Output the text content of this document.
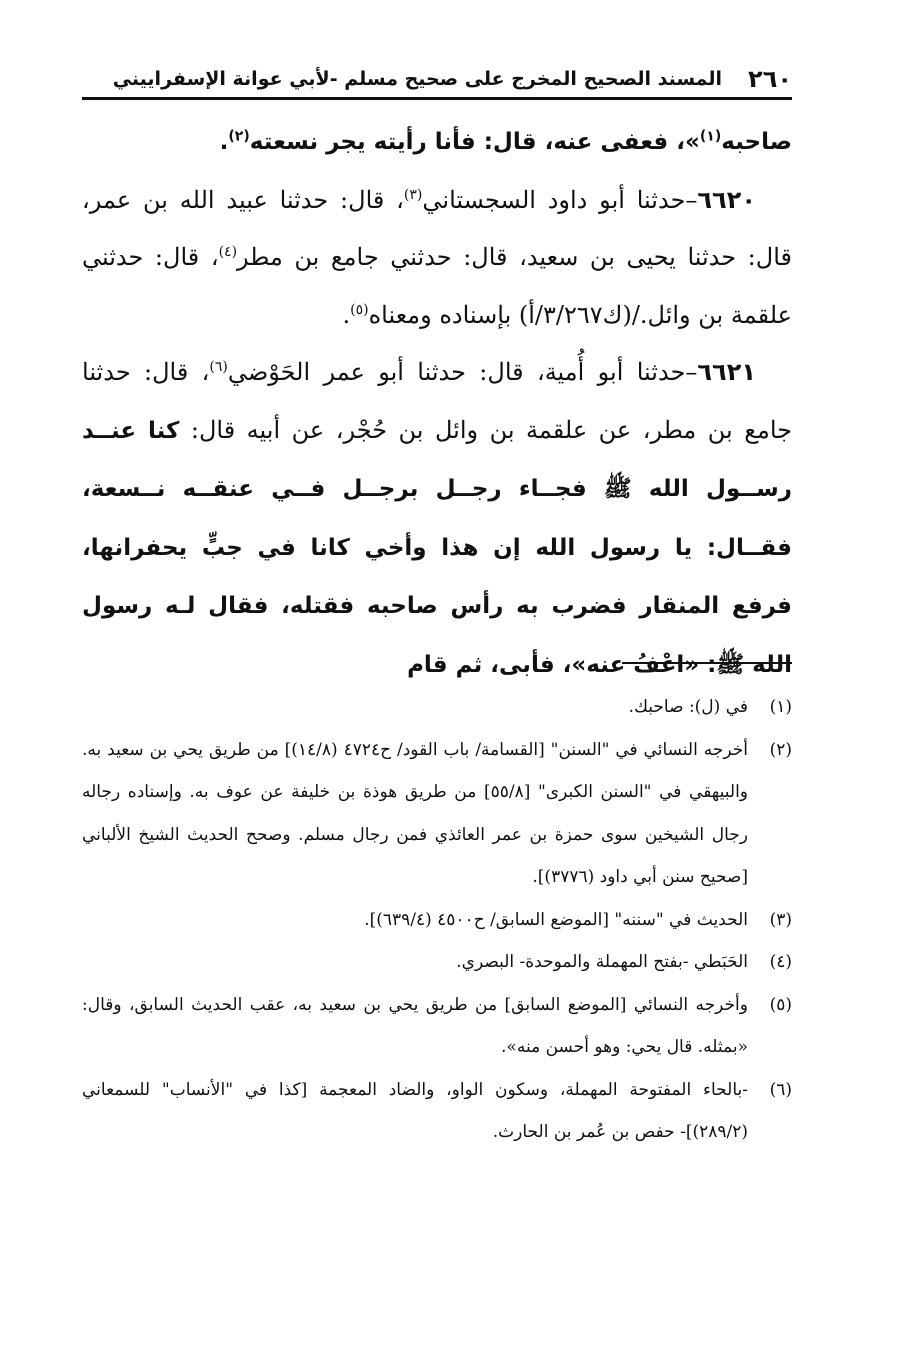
٢٦٠
المسند الصحيح المخرج على صحيح مسلم -لأبي عوانة الإسفراييني

صاحبه$^{(١)}$»، فعفى عنه، قال: فأنا رأيته يجر نسعته$^{(٢)}$.

٦٦٢٠–حدثنا أبو داود السجستاني$^{(٣)}$، قال: حدثنا عبيد الله بن عمر، قال: حدثنا يحيى بن سعيد، قال: حدثني جامع بن مطر$^{(٤)}$، قال: حدثني علقمة بن وائل./(ك٣/٢٦٧/أ) بإسناده ومعناه$^{(٥)}$.

٦٦٢١–حدثنا أبو أُمية، قال: حدثنا أبو عمر الحَوْضي$^{(٦)}$، قال: حدثنا جامع بن مطر، عن علقمة بن وائل بن حُجْر، عن أبيه قال: كنا عنــد رســول الله ﷺ فجــاء رجــل برجــل فــي عنقــه نــسعة، فقــال: يا رسول الله إن هذا وأخي كانا في جبٍّ يحفرانها، فرفع المنقار فضرب به رأس صاحبه فقتله، فقال لـه رسول الله ﷺ: «اعْفُ عنه»، فأبى، ثم قام

(١)في (ل): صاحبك.

(٢)أخرجه النسائي في "السنن" [القسامة/ باب القود/ ح٤٧٢٤ (١٤/٨)] من طريق يحي بن سعيد به. والبيهقي في "السنن الكبرى" [٥٥/٨] من طريق هوذة بن خليفة عن عوف به. وإسناده رجاله رجال الشيخين سوى حمزة بن عمر العائذي فمن رجال مسلم. وصحح الحديث الشيخ الألباني [صحيح سنن أبي داود (٣٧٧٦)].

(٣)الحديث في "سننه" [الموضع السابق/ ح٤٥٠٠ (٦٣٩/٤)].

(٤)الحَبَطي -بفتح المهملة والموحدة- البصري.

(٥)وأخرجه النسائي [الموضع السابق] من طريق يحي بن سعيد به، عقب الحديث السابق، وقال: «بمثله. قال يحي: وهو أحسن منه».

(٦)-بالحاء المفتوحة المهملة، وسكون الواو، والضاد المعجمة [كذا في "الأنساب" للسمعاني (٢٨٩/٢)]- حفص بن عُمر بن الحارث.
